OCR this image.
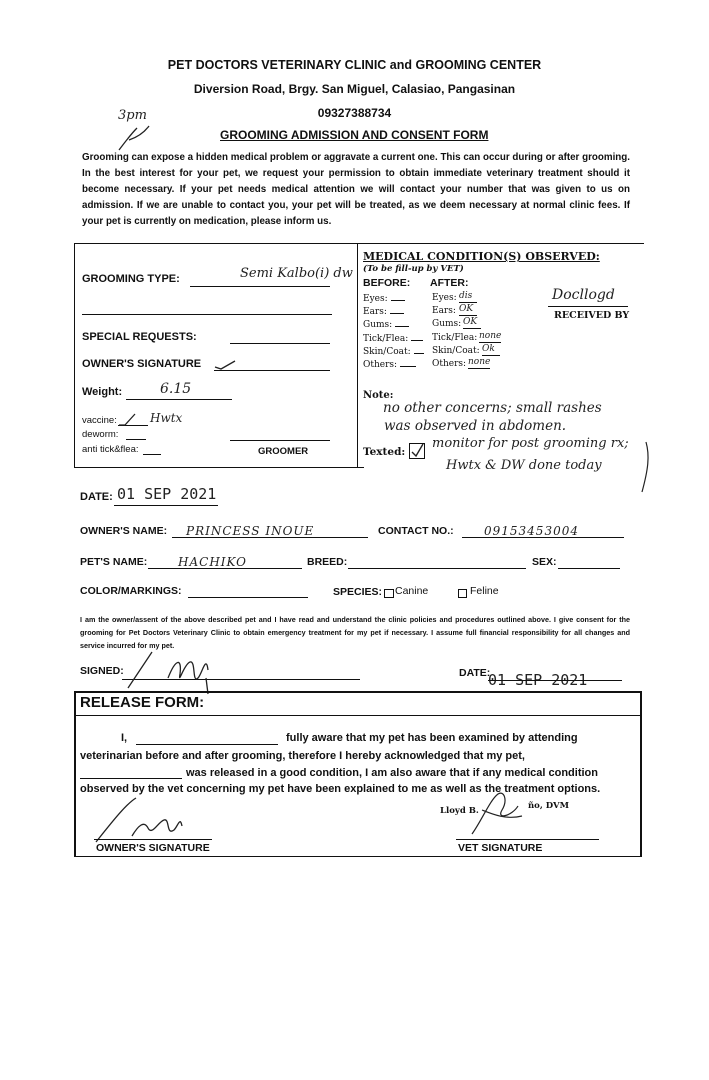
PET DOCTORS VETERINARY CLINIC and GROOMING CENTER
Diversion Road, Brgy. San Miguel, Calasiao, Pangasinan
09327388734
3pm
GROOMING ADMISSION AND CONSENT FORM
Grooming can expose a hidden medical problem or aggravate a current one. This can occur during or after grooming. In the best interest for your pet, we request your permission to obtain immediate veterinary treatment should it become necessary. If your pet needs medical attention we will contact your number that was given to us on admission. If we are unable to contact you, your pet will be treated, as we deem necessary at normal clinic fees. If your pet is currently on medication, please inform us.
GROOMING TYPE:	Semi Kalbo(i) dw
SPECIAL REQUESTS:
OWNER'S SIGNATURE
Weight:	6.15
vaccine:	Hwtx
deworm:
anti tick&flea:	GROOMER
MEDICAL CONDITION(S) OBSERVED:
(To be fill-up by VET)
BEFORE: AFTER:
Eyes:	Eyes: dis
Ears:	Ears: OK
Gums:	Gums: OK
Tick/Flea:	Tick/Flea: none
Skin/Coat: Skin/Coat: Ok
Others:	Others: none
Docllogd
RECEIVED BY
Note:
no other concerns; small rashes
was observed in abdomen.
Texted:
monitor for post grooming rx;
Hwtx & DW done today
DATE: 01 SEP 2021
OWNER'S NAME: PRINCESS INOUE	CONTACT NO.:	09153453004
PET'S NAME:	HACHIKO	BREED:	SEX:
COLOR/MARKINGS:	SPECIES: Canine	Feline
I am the owner/assent of the above described pet and I have read and understand the clinic policies and procedures outlined above. I give consent for the grooming for Pet Doctors Veterinary Clinic to obtain emergency treatment for my pet if necessary. I assume full financial responsibility for all changes and service incurred for my pet.
SIGNED:	DATE:
01 SEP 2021
RELEASE FORM:
I,	fully aware that my pet has been examined by attending
veterinarian before and after grooming, therefore I hereby acknowledged that my pet,
was released in a good condition, I am also aware that if any medical condition
observed by the vet concerning my pet have been explained to me as well as the treatment options.
OWNER'S SIGNATURE
Lloyd B.	ño, DVM
VET SIGNATURE
